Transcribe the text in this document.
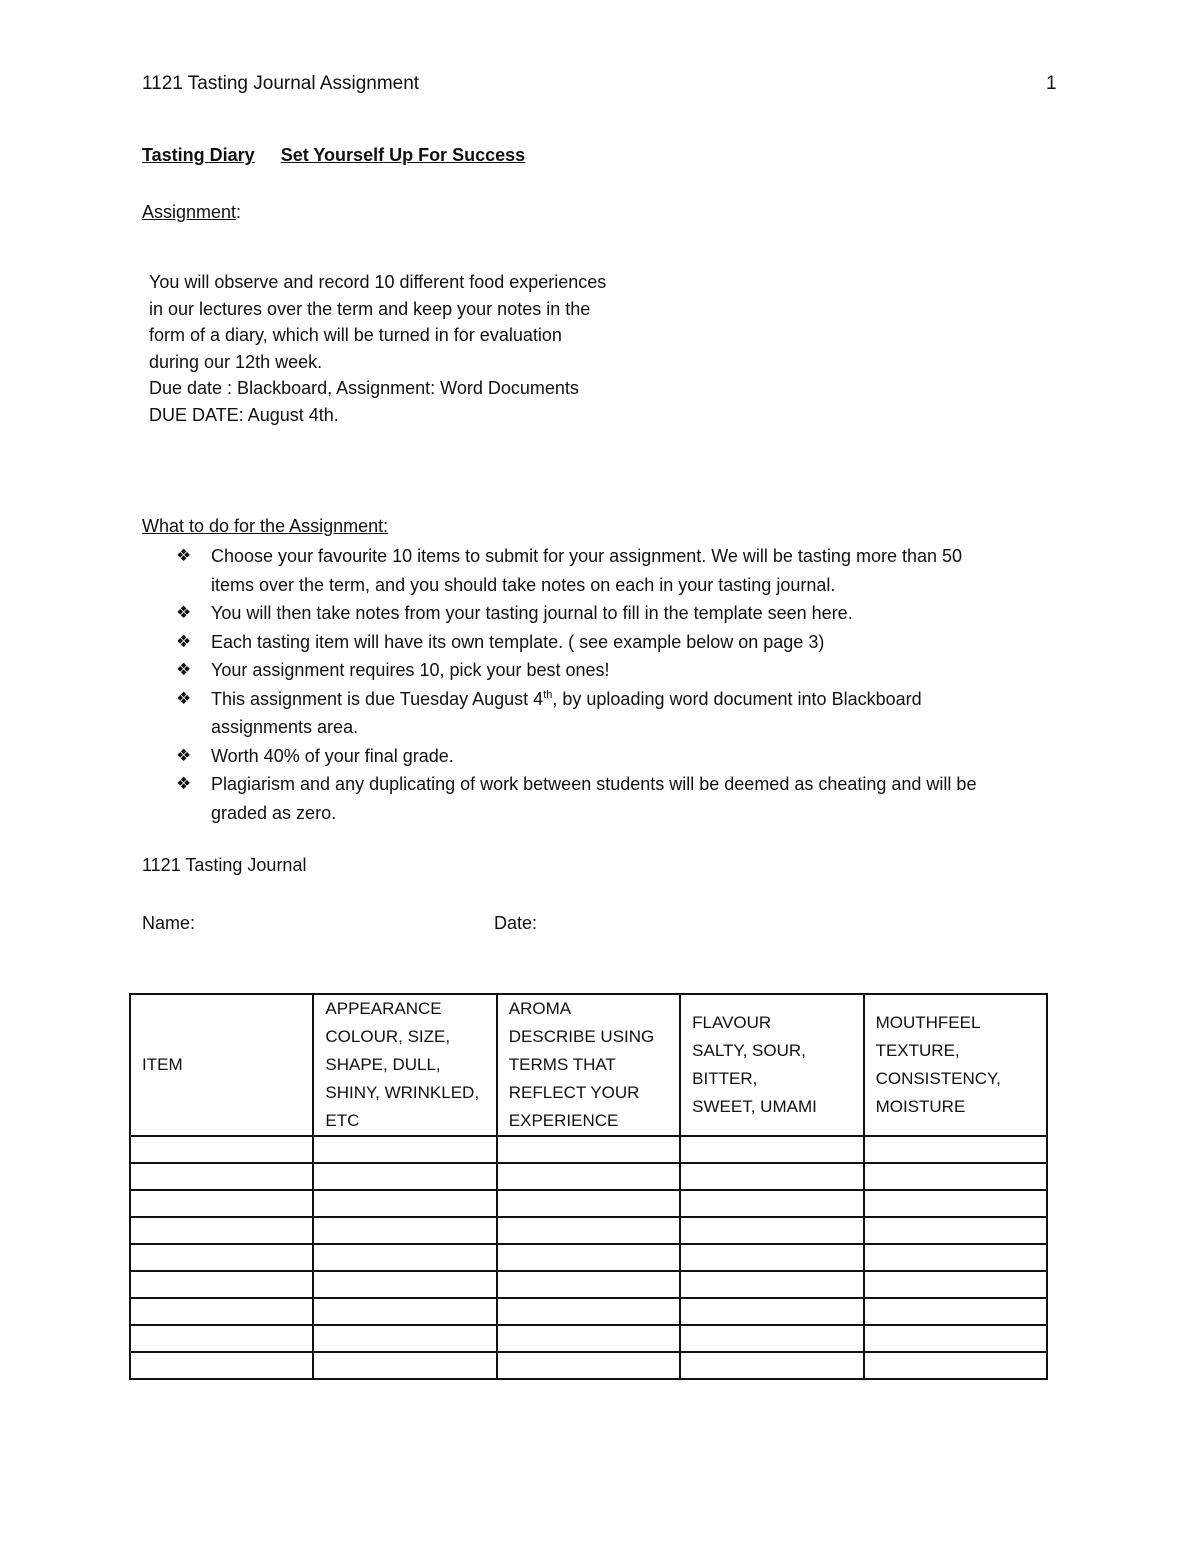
1121 Tasting Journal Assignment	1
Tasting Diary Set Yourself Up For Success
Assignment:
You will observe and record 10 different food experiences
in our lectures over the term and keep your notes in the
form of a diary, which will be turned in for evaluation
during our 12th week.
Due date : Blackboard, Assignment: Word Documents
DUE DATE: August 4th.
What to do for the Assignment:
❖ Choose your favourite 10 items to submit for your assignment. We will be tasting more than 50
items over the term, and you should take notes on each in your tasting journal.
❖ You will then take notes from your tasting journal to fill in the template seen here.
❖ Each tasting item will have its own template. ( see example below on page 3)
❖ Your assignment requires 10, pick your best ones!
❖ This assignment is due Tuesday August 4th, by uploading word document into Blackboard
assignments area.
❖ Worth 40% of your final grade.
❖ Plagiarism and any duplicating of work between students will be deemed as cheating and will be
graded as zero.
1121 Tasting Journal
Name:	Date:
ITEM	APPEARANCE
COLOUR, SIZE,
SHAPE, DULL,
SHINY, WRINKLED,
ETC	AROMA
DESCRIBE USING
TERMS THAT
REFLECT YOUR
EXPERIENCE	FLAVOUR
SALTY, SOUR,
BITTER,
SWEET, UMAMI	MOUTHFEEL
TEXTURE,
CONSISTENCY,
MOISTURE
